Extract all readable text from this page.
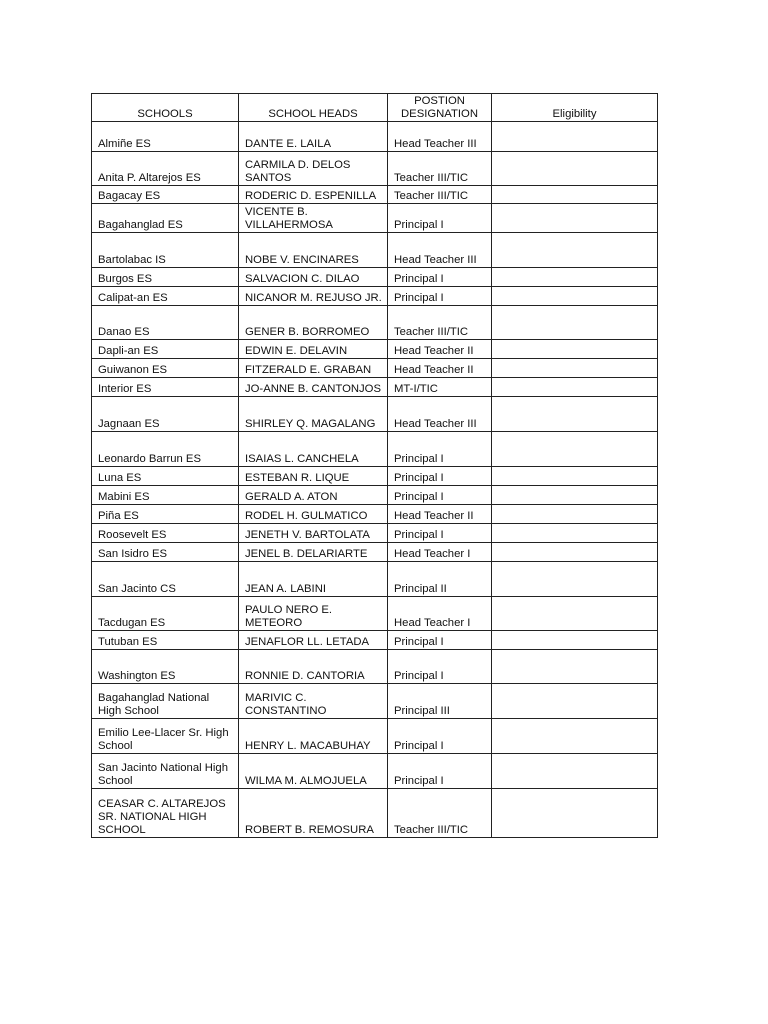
SCHOOLS	SCHOOL HEADS	POSTION DESIGNATION	Eligibility
Almiñe ES	DANTE E. LAILA	Head Teacher III	
Anita P. Altarejos ES	CARMILA D. DELOS SANTOS	Teacher III/TIC	
Bagacay ES	RODERIC D. ESPENILLA	Teacher III/TIC	
Bagahanglad ES	VICENTE B. VILLAHERMOSA	Principal I	
Bartolabac IS	NOBE V. ENCINARES	Head Teacher III	
Burgos ES	SALVACION C. DILAO	Principal I	
Calipat-an ES	NICANOR M. REJUSO JR.	Principal I	
Danao ES	GENER B. BORROMEO	Teacher III/TIC	
Dapli-an ES	EDWIN E. DELAVIN	Head Teacher II	
Guiwanon ES	FITZERALD E. GRABAN	Head Teacher II	
Interior ES	JO-ANNE B. CANTONJOS	MT-I/TIC	
Jagnaan ES	SHIRLEY Q. MAGALANG	Head Teacher III	
Leonardo Barrun ES	ISAIAS L. CANCHELA	Principal I	
Luna ES	ESTEBAN R. LIQUE	Principal I	
Mabini ES	GERALD A. ATON	Principal I	
Piña ES	RODEL H. GULMATICO	Head Teacher II	
Roosevelt ES	JENETH V. BARTOLATA	Principal I	
San Isidro ES	JENEL B. DELARIARTE	Head Teacher I	
San Jacinto CS	JEAN A. LABINI	Principal II	
Tacdugan ES	PAULO NERO E. METEORO	Head Teacher I	
Tutuban ES	JENAFLOR LL. LETADA	Principal I	
Washington ES	RONNIE D. CANTORIA	Principal I	
Bagahanglad National High School	MARIVIC C. CONSTANTINO	Principal III	
Emilio Lee-Llacer Sr. High School	HENRY L. MACABUHAY	Principal I	
San Jacinto National High School	WILMA M. ALMOJUELA	Principal I	
CEASAR C. ALTAREJOS SR. NATIONAL HIGH SCHOOL	ROBERT B. REMOSURA	Teacher III/TIC	
